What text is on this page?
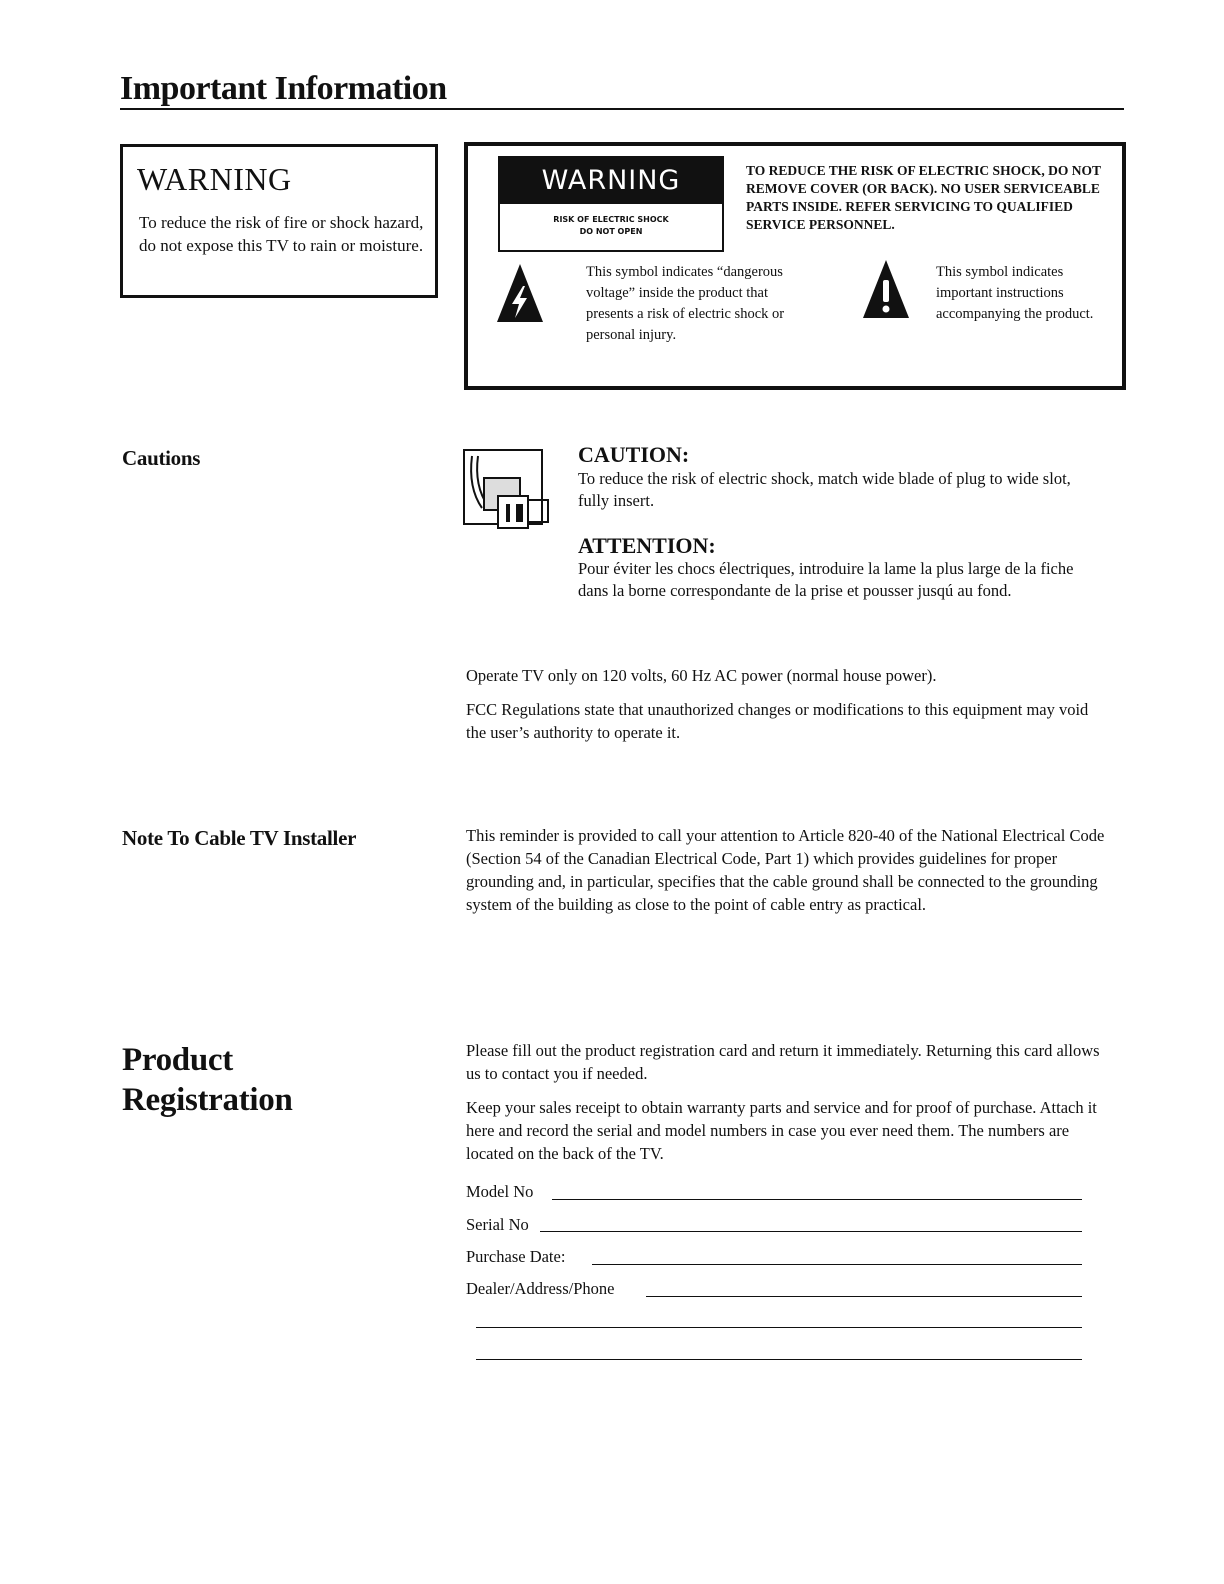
Important Information
WARNING

To reduce the risk of fire or shock hazard, do not expose this TV to rain or moisture.

WARNING
RISK OF ELECTRIC SHOCK
DO NOT OPEN
TO REDUCE THE RISK OF ELECTRIC SHOCK, DO NOT REMOVE COVER (OR BACK). NO USER SERVICEABLE PARTS INSIDE. REFER SERVICING TO QUALIFIED SERVICE PERSONNEL.
This symbol indicates “dangerous voltage” inside the product that presents a risk of electric shock or personal injury.
This symbol indicates important instructions accompanying the product.
Cautions	CAUTION:

To reduce the risk of electric shock, match wide blade of plug to wide slot, fully insert.

ATTENTION:

Pour éviter les chocs électriques, introduire la lame la plus large de la fiche dans la borne correspondante de la prise et pousser jusqú au fond.

Operate TV only on 120 volts, 60 Hz AC power (normal house power).

FCC Regulations state that unauthorized changes or modifications to this equipment may void the user’s authority to operate it.

Note To Cable TV Installer	This reminder is provided to call your attention to Article 820-40 of the National Electrical Code (Section 54 of the Canadian Electrical Code, Part 1) which provides guidelines for proper grounding and, in particular, specifies that the cable ground shall be connected to the grounding system of the building as close to the point of cable entry as practical.

Product
Registration

Please fill out the product registration card and return it immediately. Returning this card allows us to contact you if needed.

Keep your sales receipt to obtain warranty parts and service and for proof of purchase. Attach it here and record the serial and model numbers in case you ever need them. The numbers are located on the back of the TV.

Model No
Serial No
Purchase Date:
Dealer/Address/Phone
